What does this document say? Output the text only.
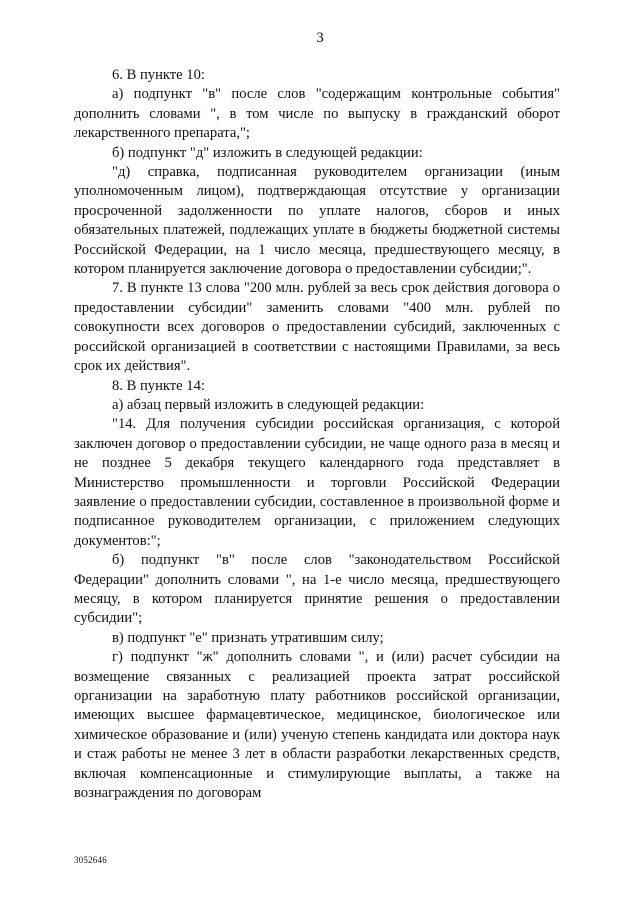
3

6. В пункте 10:

а) подпункт "в" после слов "содержащим контрольные события" дополнить словами ", в том числе по выпуску в гражданский оборот лекарственного препарата,";

б) подпункт "д" изложить в следующей редакции:

"д) справка, подписанная руководителем организации (иным уполномоченным лицом), подтверждающая отсутствие у организации просроченной задолженности по уплате налогов, сборов и иных обязательных платежей, подлежащих уплате в бюджеты бюджетной системы Российской Федерации, на 1 число месяца, предшествующего месяцу, в котором планируется заключение договора о предоставлении субсидии;".

7. В пункте 13 слова "200 млн. рублей за весь срок действия договора о предоставлении субсидии" заменить словами "400 млн. рублей по совокупности всех договоров о предоставлении субсидий, заключенных с российской организацией в соответствии с настоящими Правилами, за весь срок их действия".

8. В пункте 14:

а) абзац первый изложить в следующей редакции:

"14. Для получения субсидии российская организация, с которой заключен договор о предоставлении субсидии, не чаще одного раза в месяц и не позднее 5 декабря текущего календарного года представляет в Министерство промышленности и торговли Российской Федерации заявление о предоставлении субсидии, составленное в произвольной форме и подписанное руководителем организации, с приложением следующих документов:";

б) подпункт "в" после слов "законодательством Российской Федерации" дополнить словами ", на 1-е число месяца, предшествующего месяцу, в котором планируется принятие решения о предоставлении субсидии";

в) подпункт "е" признать утратившим силу;

г) подпункт "ж" дополнить словами ", и (или) расчет субсидии на возмещение связанных с реализацией проекта затрат российской организации на заработную плату работников российской организации, имеющих высшее фармацевтическое, медицинское, биологическое или химическое образование и (или) ученую степень кандидата или доктора наук и стаж работы не менее 3 лет в области разработки лекарственных средств, включая компенсационные и стимулирующие выплаты, а также на вознаграждения по договорам

3052646
